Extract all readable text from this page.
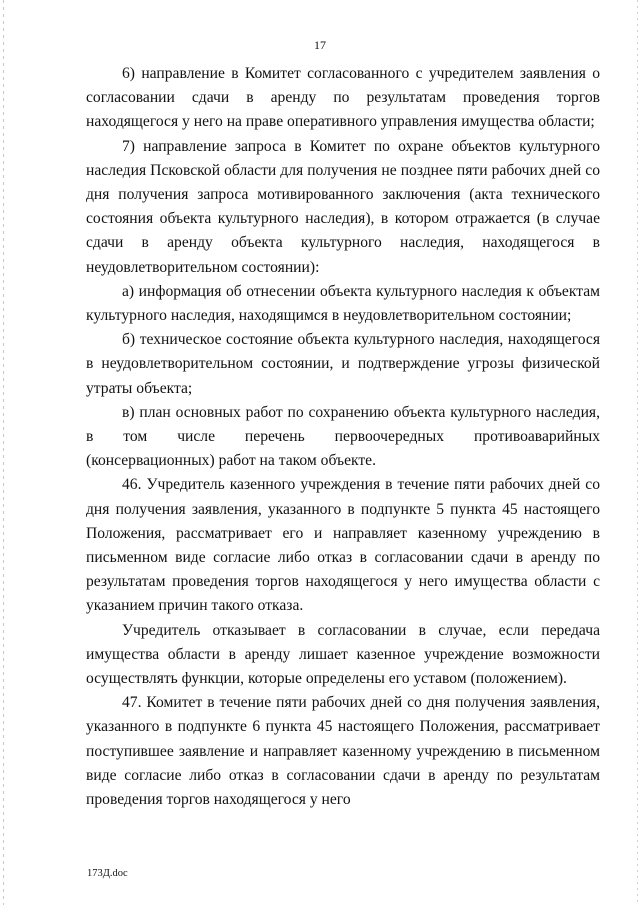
17

6) направление в Комитет согласованного с учредителем заявления о согласовании сдачи в аренду по результатам проведения торгов находящегося у него на праве оперативного управления имущества области;

7) направление запроса в Комитет по охране объектов культурного наследия Псковской области для получения не позднее пяти рабочих дней со дня получения запроса мотивированного заключения (акта технического состояния объекта культурного наследия), в котором отражается (в случае сдачи в аренду объекта культурного наследия, находящегося в неудовлетворительном состоянии):

а) информация об отнесении объекта культурного наследия к объектам культурного наследия, находящимся в неудовлетворительном состоянии;

б) техническое состояние объекта культурного наследия, находящегося в неудовлетворительном состоянии, и подтверждение угрозы физической утраты объекта;

в) план основных работ по сохранению объекта культурного наследия, в том числе перечень первоочередных противоаварийных (консервационных) работ на таком объекте.

46. Учредитель казенного учреждения в течение пяти рабочих дней со дня получения заявления, указанного в подпункте 5 пункта 45 настоящего Положения, рассматривает его и направляет казенному учреждению в письменном виде согласие либо отказ в согласовании сдачи в аренду по результатам проведения торгов находящегося у него имущества области с указанием причин такого отказа.

Учредитель отказывает в согласовании в случае, если передача имущества области в аренду лишает казенное учреждение возможности осуществлять функции, которые определены его уставом (положением).

47. Комитет в течение пяти рабочих дней со дня получения заявления, указанного в подпункте 6 пункта 45 настоящего Положения, рассматривает поступившее заявление и направляет казенному учреждению в письменном виде согласие либо отказ в согласовании сдачи в аренду по результатам проведения торгов находящегося у него

173Д.doc
